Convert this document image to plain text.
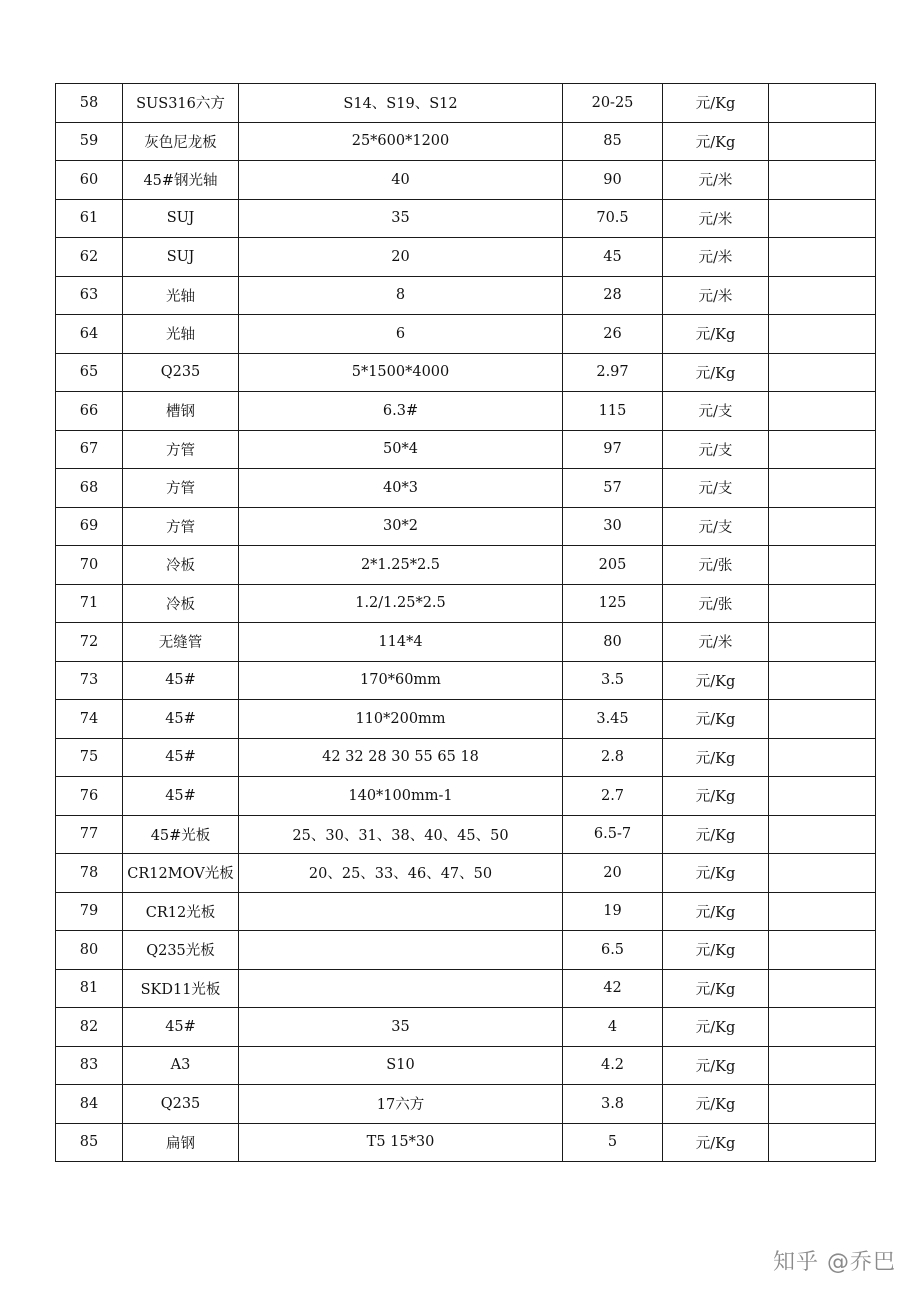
58	SUS316六方	S14、S19、S12	20-25	元/Kg	
59	灰色尼龙板	25*600*1200	85	元/Kg	
60	45#钢光轴	40	90	元/米	
61	SUJ	35	70.5	元/米	
62	SUJ	20	45	元/米	
63	光轴	8	28	元/米	
64	光轴	6	26	元/Kg	
65	Q235	5*1500*4000	2.97	元/Kg	
66	槽钢	6.3#	115	元/支	
67	方管	50*4	97	元/支	
68	方管	40*3	57	元/支	
69	方管	30*2	30	元/支	
70	冷板	2*1.25*2.5	205	元/张	
71	冷板	1.2/1.25*2.5	125	元/张	
72	无缝管	114*4	80	元/米	
73	45#	170*60mm	3.5	元/Kg	
74	45#	110*200mm	3.45	元/Kg	
75	45#	42 32 28 30 55 65 18	2.8	元/Kg	
76	45#	140*100mm-1	2.7	元/Kg	
77	45#光板	25、30、31、38、40、45、50	6.5-7	元/Kg	
78	CR12MOV光板	20、25、33、46、47、50	20	元/Kg	
79	CR12光板		19	元/Kg	
80	Q235光板		6.5	元/Kg	
81	SKD11光板		42	元/Kg	
82	45#	35	4	元/Kg	
83	A3	S10	4.2	元/Kg	
84	Q235	17六方	3.8	元/Kg	
85	扁钢	T5 15*30	5	元/Kg	
知乎 @乔巴
